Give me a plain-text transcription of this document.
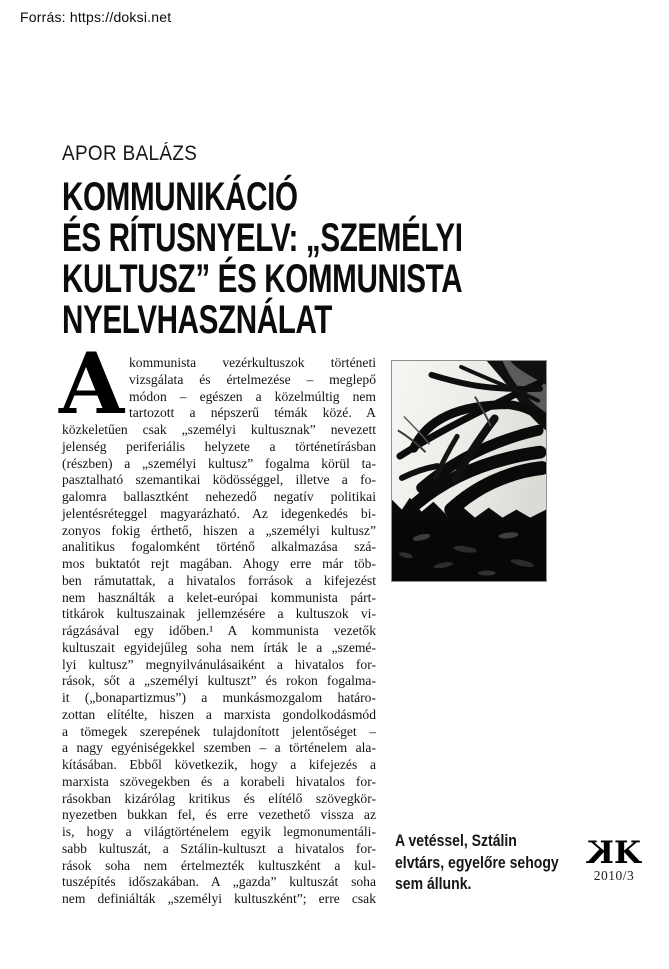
Forrás: https://doksi.net
APOR BALÁZS
KOMMUNIKÁCIÓ
ÉS RÍTUSNYELV: „SZEMÉLYI
KULTUSZ” ÉS KOMMUNISTA
NYELVHASZNÁLAT
A kommunista vezérkultuszok történeti
vizsgálata és értelmezése – meglepő
módon – egészen a közelmúltig nem
tartozott a népszerű témák közé. A
közkeletűen csak „személyi kultusznak” nevezett
jelenség periferiális helyzete a történetírásban
(részben) a „személyi kultusz” fogalma körül ta-
pasztalható szemantikai ködösséggel, illetve a fo-
galomra ballasztként nehezedő negatív politikai
jelentésréteggel magyarázható. Az idegenkedés bi-
zonyos fokig érthető, hiszen a „személyi kultusz”
analitikus fogalomként történő alkalmazása szá-
mos buktatót rejt magában. Ahogy erre már töb-
ben rámutattak, a hivatalos források a kifejezést
nem használták a kelet-európai kommunista párt-
titkárok kultuszainak jellemzésére a kultuszok vi-
rágzásával egy időben.¹ A kommunista vezetők
kultuszait egyidejűleg soha nem írták le a „szemé-
lyi kultusz” megnyilvánulásaiként a hivatalos for-
rások, sőt a „személyi kultuszt” és rokon fogalma-
it („bonapartizmus”) a munkásmozgalom határo-
zottan elítélte, hiszen a marxista gondolkodásmód
a tömegek szerepének tulajdonított jelentőséget –
a nagy egyéniségekkel szemben – a történelem ala-
kításában. Ebből következik, hogy a kifejezés a
marxista szövegekben és a korabeli hivatalos for-
rásokban kizárólag kritikus és elítélő szövegkör-
nyezetben bukkan fel, és erre vezethető vissza az
is, hogy a világtörténelem egyik legmonumentáli-
sabb kultuszát, a Sztálin-kultuszt a hivatalos for-
rások soha nem értelmezték kultuszként a kul-
tuszépítés időszakában. A „gazda” kultuszát soha
nem definiálták „személyi kultuszként”; erre csak
A vetéssel, Sztálin
elvtárs, egyelőre sehogy
sem állunk.
KK
2010/3
